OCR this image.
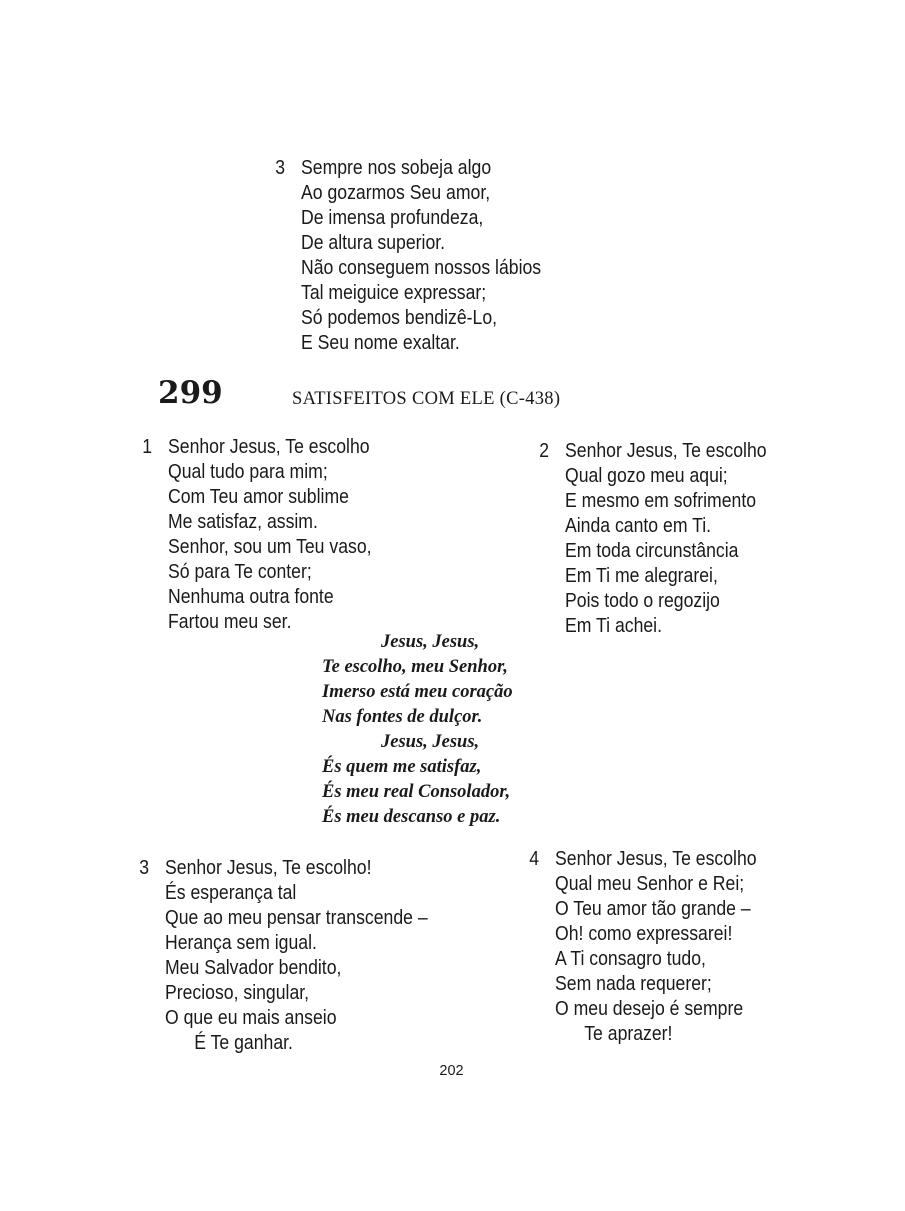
3 Sempre nos sobeja algo
Ao gozarmos Seu amor,
De imensa profundeza,
De altura superior.
Não conseguem nossos lábios
Tal meiguice expressar;
Só podemos bendizê-Lo,
E Seu nome exaltar.
299	SATISFEITOS COM ELE (C-438)
1 Senhor Jesus, Te escolho
Qual tudo para mim;
Com Teu amor sublime
Me satisfaz, assim.
Senhor, sou um Teu vaso,
Só para Te conter;
Nenhuma outra fonte
Fartou meu ser.
2 Senhor Jesus, Te escolho
Qual gozo meu aqui;
E mesmo em sofrimento
Ainda canto em Ti.
Em toda circunstância
Em Ti me alegrarei,
Pois todo o regozijo
Em Ti achei.
Jesus, Jesus,
Te escolho, meu Senhor,
Imerso está meu coração
Nas fontes de dulçor.
Jesus, Jesus,
És quem me satisfaz,
És meu real Consolador,
És meu descanso e paz.
3 Senhor Jesus, Te escolho!
És esperança tal
Que ao meu pensar transcende –
Herança sem igual.
Meu Salvador bendito,
Precioso, singular,
O que eu mais anseio
É Te ganhar.
4 Senhor Jesus, Te escolho
Qual meu Senhor e Rei;
O Teu amor tão grande –
Oh! como expressarei!
A Ti consagro tudo,
Sem nada requerer;
O meu desejo é sempre
Te aprazer!
202
